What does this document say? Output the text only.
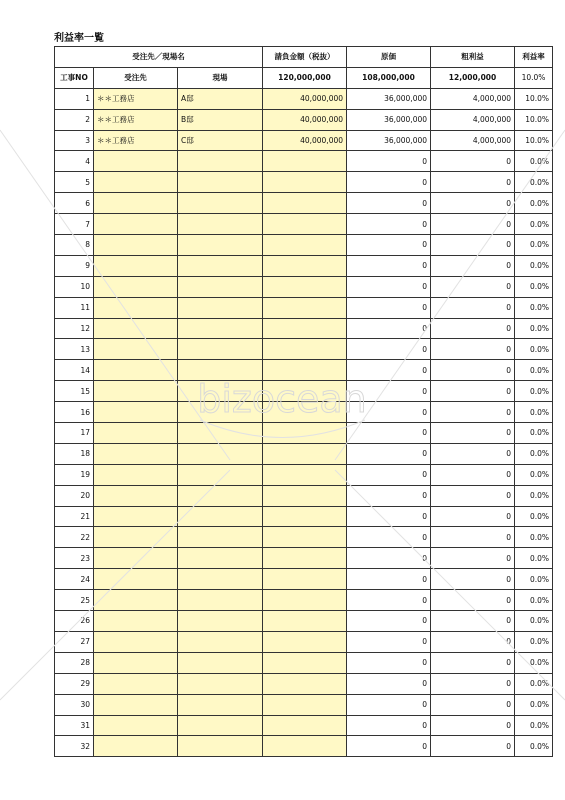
利益率一覧
受注先／現場名			請負金額（税抜）	原価	粗利益	利益率
工事NO	受注先	現場	120,000,000	108,000,000	12,000,000	10.0%
1	＊＊工務店	A邸	40,000,000	36,000,000	4,000,000	10.0%
2	＊＊工務店	B邸	40,000,000	36,000,000	4,000,000	10.0%
3	＊＊工務店	C邸	40,000,000	36,000,000	4,000,000	10.0%
4				0	0	0.0%
5				0	0	0.0%
6				0	0	0.0%
7				0	0	0.0%
8				0	0	0.0%
9				0	0	0.0%
10				0	0	0.0%
11				0	0	0.0%
12				0	0	0.0%
13				0	0	0.0%
14				0	0	0.0%
15				0	0	0.0%
16				0	0	0.0%
17				0	0	0.0%
18				0	0	0.0%
19				0	0	0.0%
20				0	0	0.0%
21				0	0	0.0%
22				0	0	0.0%
23				0	0	0.0%
24				0	0	0.0%
25				0	0	0.0%
26				0	0	0.0%
27				0	0	0.0%
28				0	0	0.0%
29				0	0	0.0%
30				0	0	0.0%
31				0	0	0.0%
32				0	0	0.0%
bizocean
